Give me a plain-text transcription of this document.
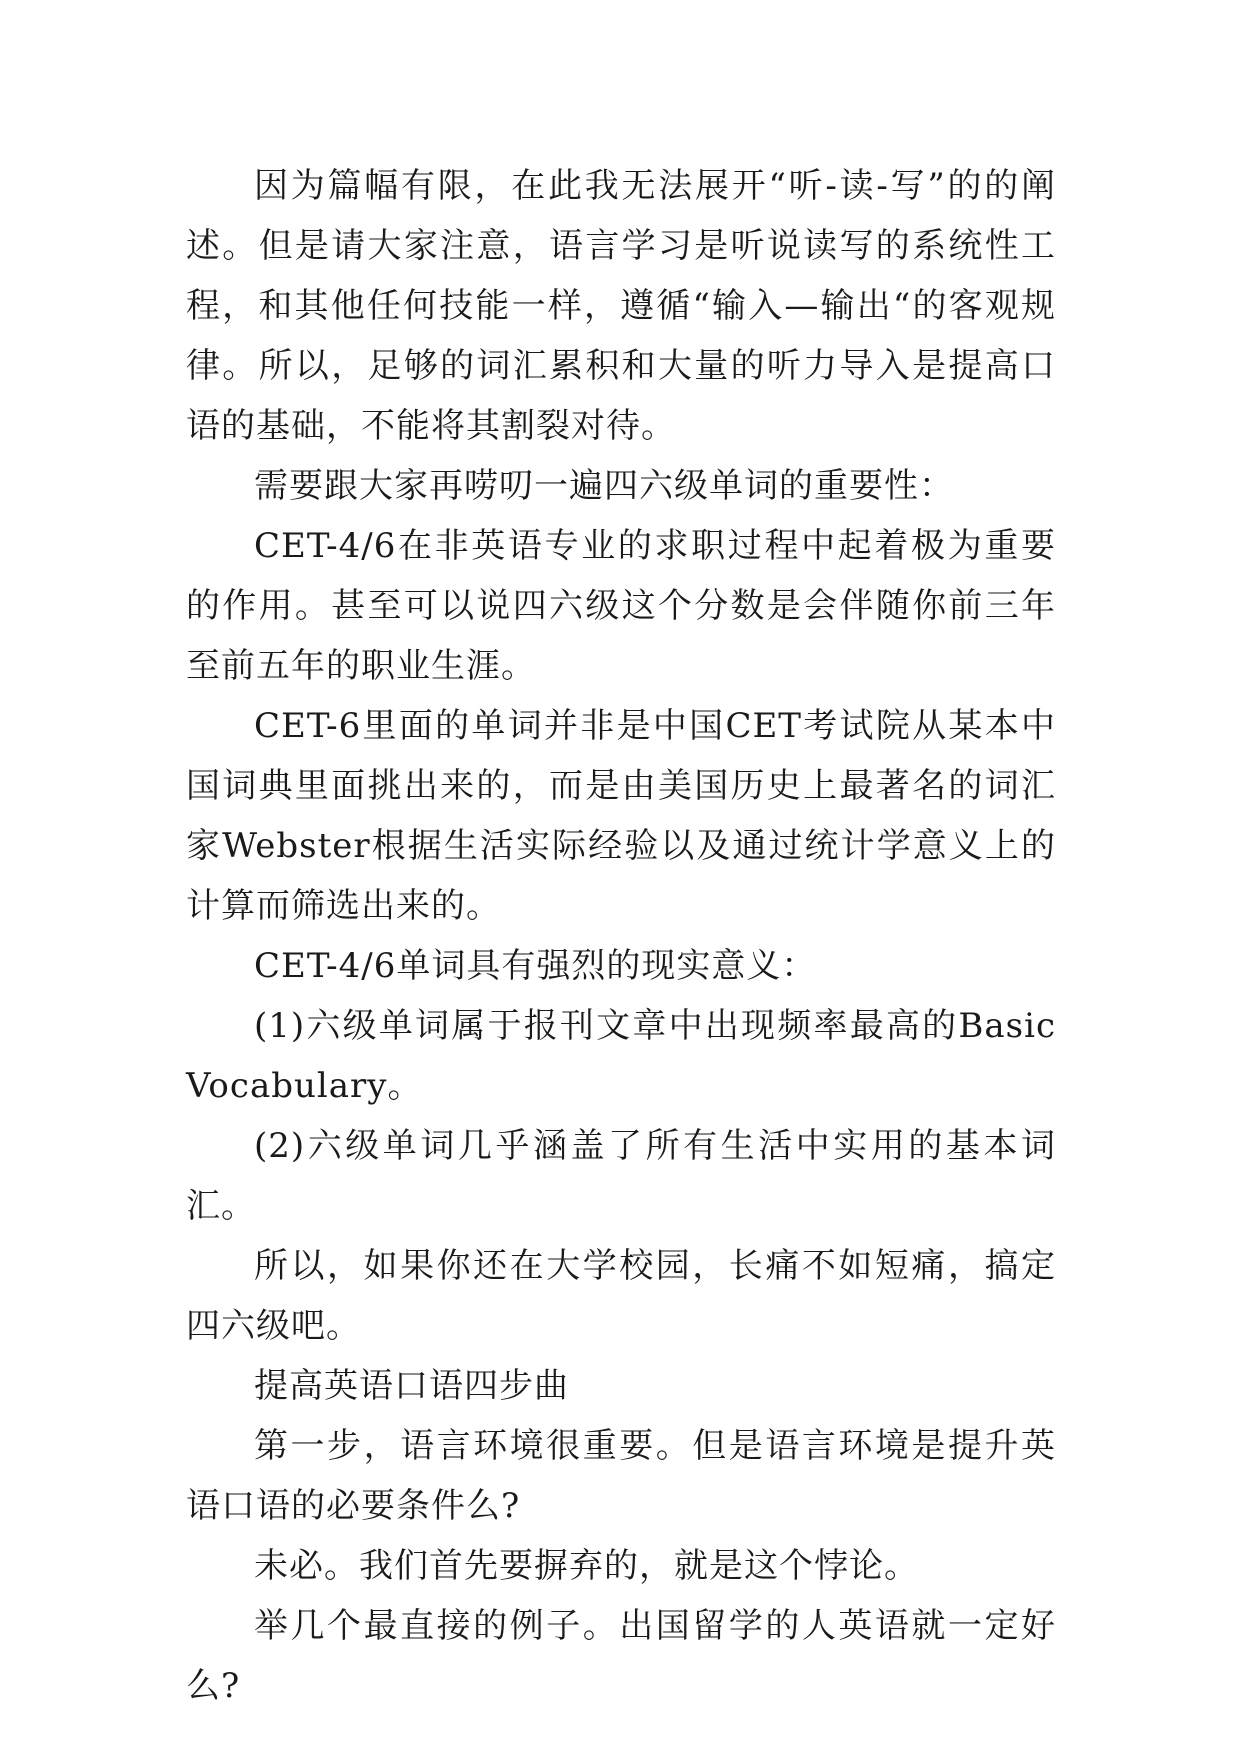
因为篇幅有限，在此我无法展开“听-读-写”的的阐述。但是请大家注意，语言学习是听说读写的系统性工程，和其他任何技能一样，遵循“输入—输出“的客观规律。所以，足够的词汇累积和大量的听力导入是提高口语的基础，不能将其割裂对待。

需要跟大家再唠叨一遍四六级单词的重要性：

CET-4/6在非英语专业的求职过程中起着极为重要的作用。甚至可以说四六级这个分数是会伴随你前三年至前五年的职业生涯。

CET-6里面的单词并非是中国CET考试院从某本中国词典里面挑出来的，而是由美国历史上最著名的词汇家Webster根据生活实际经验以及通过统计学意义上的计算而筛选出来的。

CET-4/6单词具有强烈的现实意义：

(1)六级单词属于报刊文章中出现频率最高的BasicVocabulary。

(2)六级单词几乎涵盖了所有生活中实用的基本词汇。

所以，如果你还在大学校园，长痛不如短痛，搞定四六级吧。

提高英语口语四步曲

第一步，语言环境很重要。但是语言环境是提升英语口语的必要条件么?

未必。我们首先要摒弃的，就是这个悖论。

举几个最直接的例子。出国留学的人英语就一定好么?
